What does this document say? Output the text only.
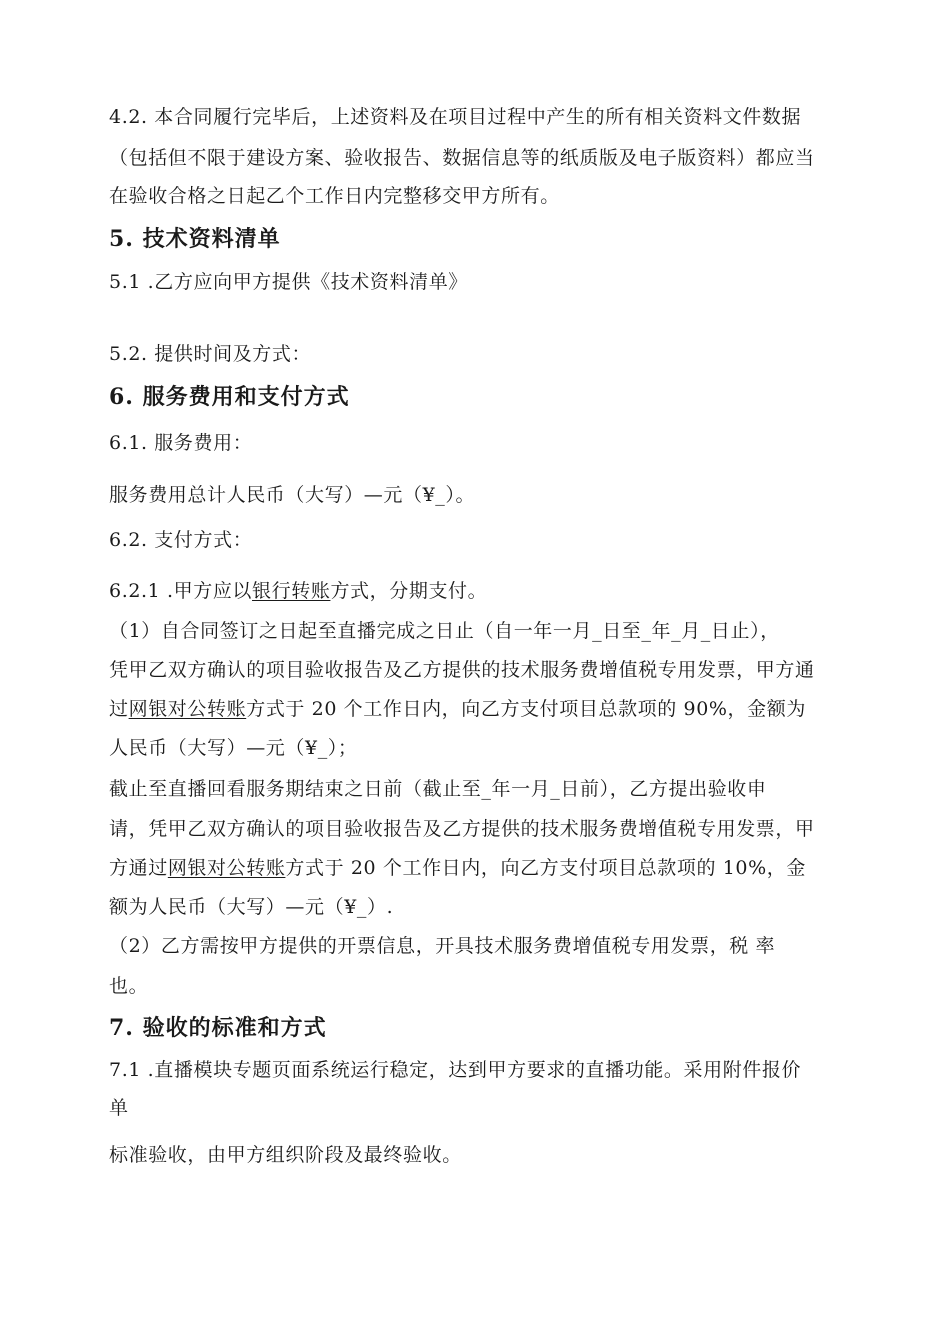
4.2. 本合同履行完毕后，上述资料及在项目过程中产生的所有相关资料文件数据
（包括但不限于建设方案、验收报告、数据信息等的纸质版及电子版资料）都应当
在验收合格之日起乙个工作日内完整移交甲方所有。
5. 技术资料清单
5.1 .乙方应向甲方提供《技术资料清单》
5.2. 提供时间及方式：
6. 服务费用和支付方式
6.1. 服务费用：
服务费用总计人民币（大写）—元（¥_）。
6.2. 支付方式：
6.2.1 .甲方应以银行转账方式，分期支付。
（1）自合同签订之日起至直播完成之日止（自一年一月_日至_年_月_日止），
凭甲乙双方确认的项目验收报告及乙方提供的技术服务费增值税专用发票，甲方通
过网银对公转账方式于 20 个工作日内，向乙方支付项目总款项的 90%，金额为
人民币（大写）—元（¥_）；
截止至直播回看服务期结束之日前（截止至_年一月_日前），乙方提出验收申
请，凭甲乙双方确认的项目验收报告及乙方提供的技术服务费增值税专用发票，甲
方通过网银对公转账方式于 20 个工作日内，向乙方支付项目总款项的 10%，金
额为人民币（大写）—元（¥_）.
（2）乙方需按甲方提供的开票信息，开具技术服务费增值税专用发票，税 率
也。
7. 验收的标准和方式
7.1 .直播模块专题页面系统运行稳定，达到甲方要求的直播功能。采用附件报价
单
标准验收，由甲方组织阶段及最终验收。
